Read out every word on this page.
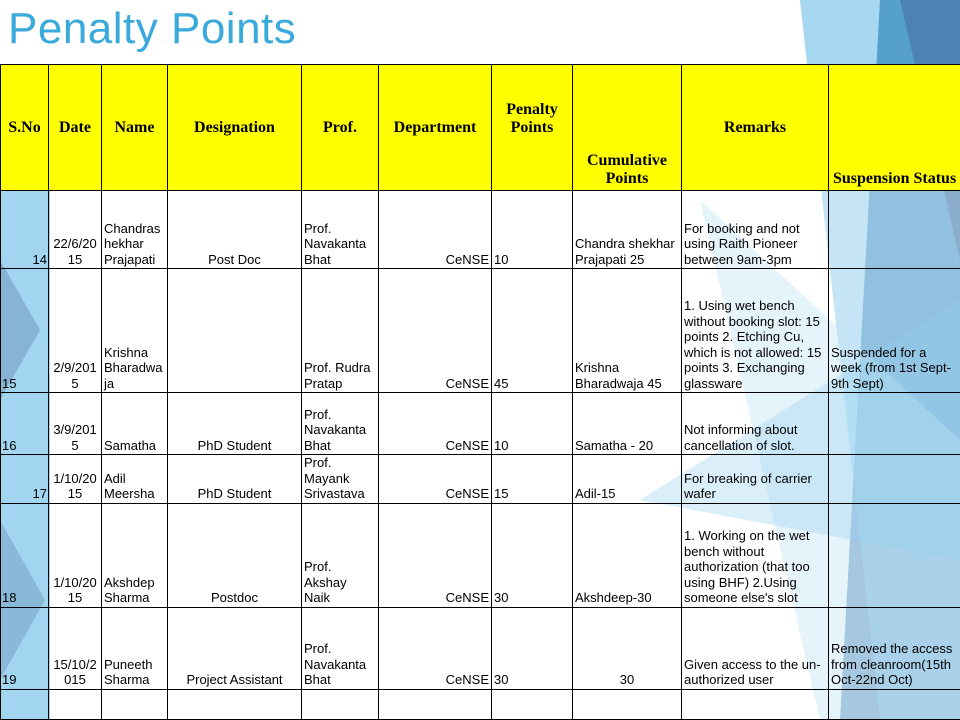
Penalty Points
S.No	Date	Name	Designation	Prof.	Department	Penalty Points	Cumulative Points	Remarks	Suspension Status
14	22/6/2015	Chandrashekhar Prajapati	Post Doc	Prof. Navakanta Bhat	CeNSE	10	Chandra shekhar Prajapati 25	For booking and not using Raith Pioneer between 9am-3pm	
15	2/9/2015	Krishna Bharadwaja		Prof. Rudra Pratap	CeNSE	45	Krishna Bharadwaja 45	1. Using wet bench without booking slot: 15 points 2. Etching Cu, which is not allowed: 15 points 3. Exchanging glassware	Suspended for a week (from 1st Sept- 9th Sept)
16	3/9/2015	Samatha	PhD Student	Prof. Navakanta Bhat	CeNSE	10	Samatha - 20	Not informing about cancellation of slot.	
17	1/10/2015	Adil Meersha	PhD Student	Prof. Mayank Srivastava	CeNSE	15	Adil-15	For breaking of carrier wafer	
18	1/10/2015	Akshdep Sharma	Postdoc	Prof. Akshay Naik	CeNSE	30	Akshdeep-30	1. Working on the wet bench without authorization (that too using BHF) 2.Using someone else's slot	
19	15/10/2015	Puneeth Sharma	Project Assistant	Prof. Navakanta Bhat	CeNSE	30	30	Given access to the un-authorized user	Removed the access from cleanroom(15th Oct-22nd Oct)
